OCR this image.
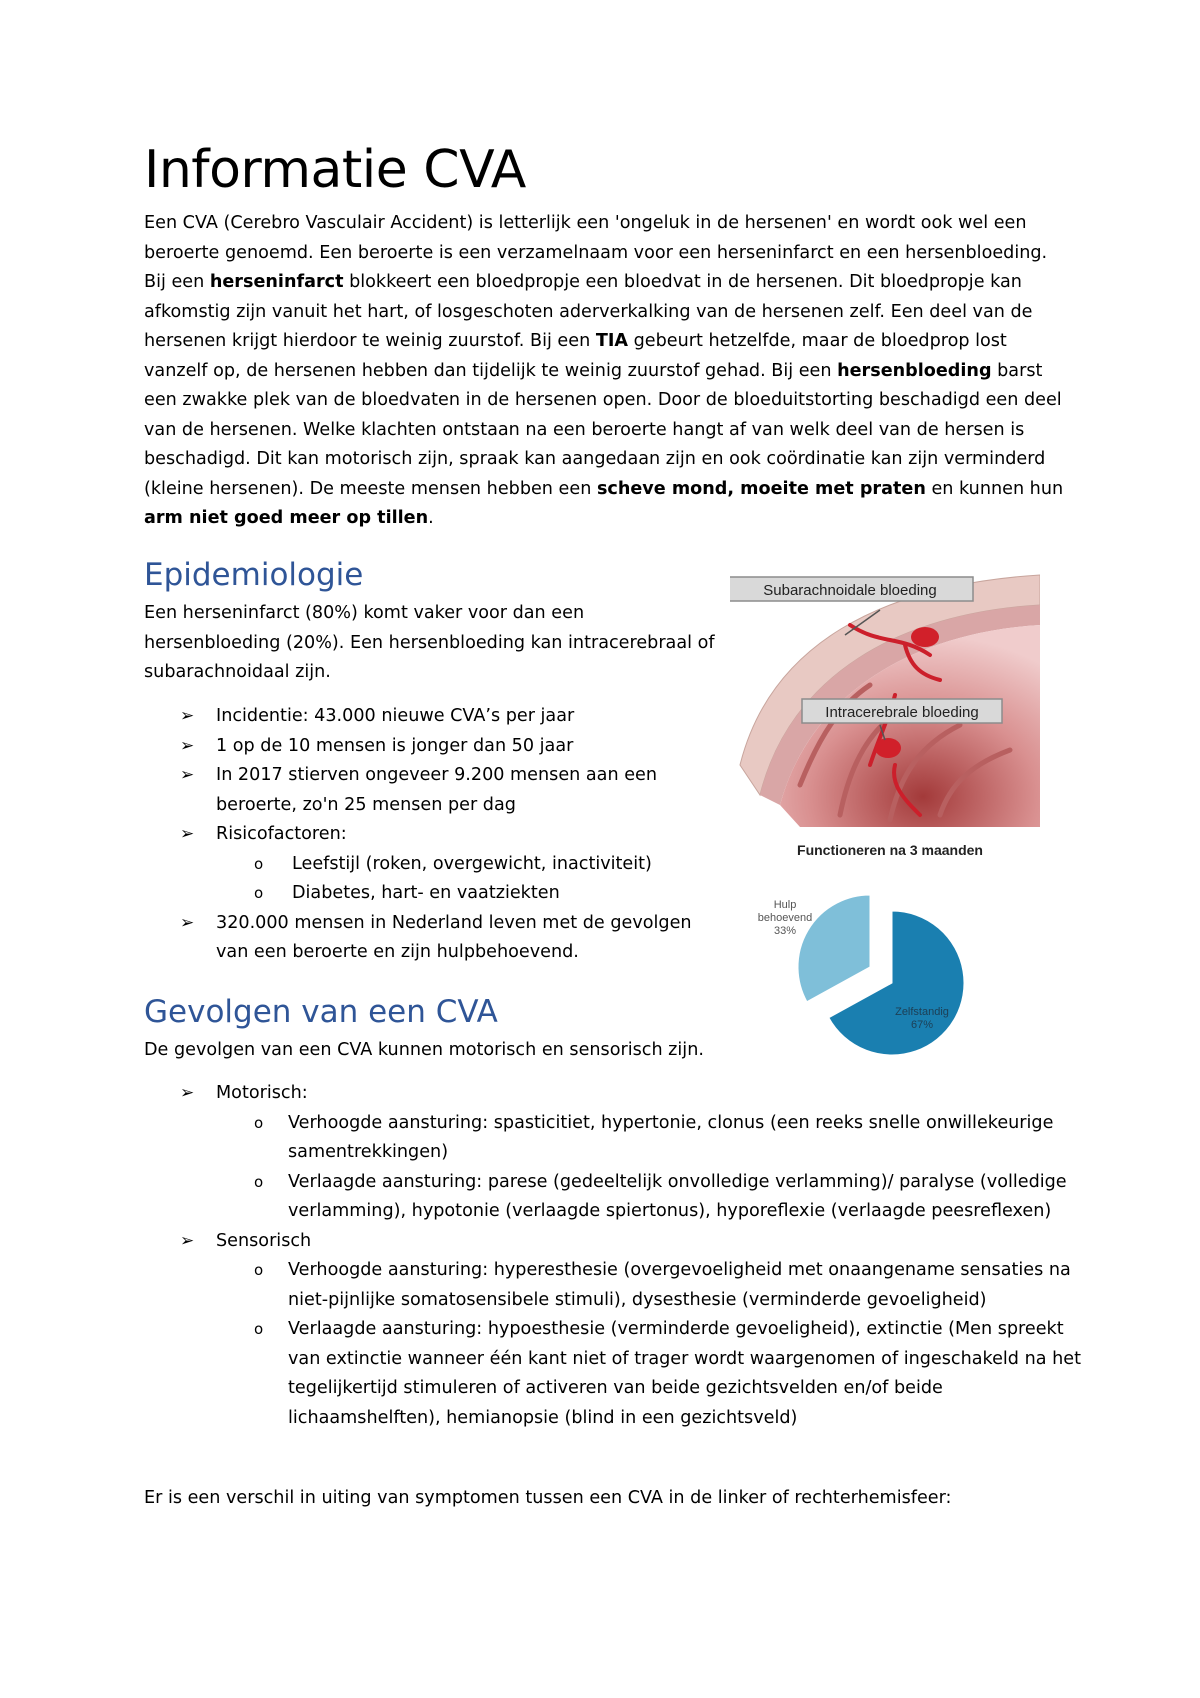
Informatie CVA

Een CVA (Cerebro Vasculair Accident) is letterlijk een 'ongeluk in de hersenen' en wordt ook wel een beroerte genoemd. Een beroerte is een verzamelnaam voor een herseninfarct en een hersenbloeding. Bij een herseninfarct blokkeert een bloedpropje een bloedvat in de hersenen. Dit bloedpropje kan afkomstig zijn vanuit het hart, of losgeschoten aderverkalking van de hersenen zelf. Een deel van de hersenen krijgt hierdoor te weinig zuurstof. Bij een TIA gebeurt hetzelfde, maar de bloedprop lost vanzelf op, de hersenen hebben dan tijdelijk te weinig zuurstof gehad. Bij een hersenbloeding barst een zwakke plek van de bloedvaten in de hersenen open. Door de bloeduitstorting beschadigd een deel van de hersenen. Welke klachten ontstaan na een beroerte hangt af van welk deel van de hersen is beschadigd. Dit kan motorisch zijn, spraak kan aangedaan zijn en ook coördinatie kan zijn verminderd (kleine hersenen). De meeste mensen hebben een scheve mond, moeite met praten en kunnen hun arm niet goed meer op tillen.

Epidemiologie

Een herseninfarct (80%) komt vaker voor dan een hersenbloeding (20%). Een hersenbloeding kan intracerebraal of subarachnoidaal zijn.

➢ Incidentie: 43.000 nieuwe CVA’s per jaar
➢ 1 op de 10 mensen is jonger dan 50 jaar
➢ In 2017 stierven ongeveer 9.200 mensen aan een beroerte, zo'n 25 mensen per dag
➢ Risicofactoren:
o Leefstijl (roken, overgewicht, inactiviteit)
o Diabetes, hart- en vaatziekten
➢ 320.000 mensen in Nederland leven met de gevolgen van een beroerte en zijn hulpbehoevend.
Subarachnoidale bloeding
Intracerebrale bloeding
Functioneren na 3 maanden
Hulp behoevend 33%
Zelfstandig 67%
Gevolgen van een CVA

De gevolgen van een CVA kunnen motorisch en sensorisch zijn.

➢ Motorisch:
o Verhoogde aansturing: spasticitiet, hypertonie, clonus (een reeks snelle onwillekeurige samentrekkingen)
o Verlaagde aansturing: parese (gedeeltelijk onvolledige verlamming)/ paralyse (volledige verlamming), hypotonie (verlaagde spiertonus), hyporeflexie (verlaagde peesreflexen)
➢ Sensorisch
o Verhoogde aansturing: hyperesthesie (overgevoeligheid met onaangename sensaties na niet-pijnlijke somatosensibele stimuli), dysesthesie (verminderde gevoeligheid)
o Verlaagde aansturing: hypoesthesie (verminderde gevoeligheid), extinctie (Men spreekt van extinctie wanneer één kant niet of trager wordt waargenomen of ingeschakeld na het tegelijkertijd stimuleren of activeren van beide gezichtsvelden en/of beide lichaamshelften), hemianopsie (blind in een gezichtsveld)

Er is een verschil in uiting van symptomen tussen een CVA in de linker of rechterhemisfeer:
